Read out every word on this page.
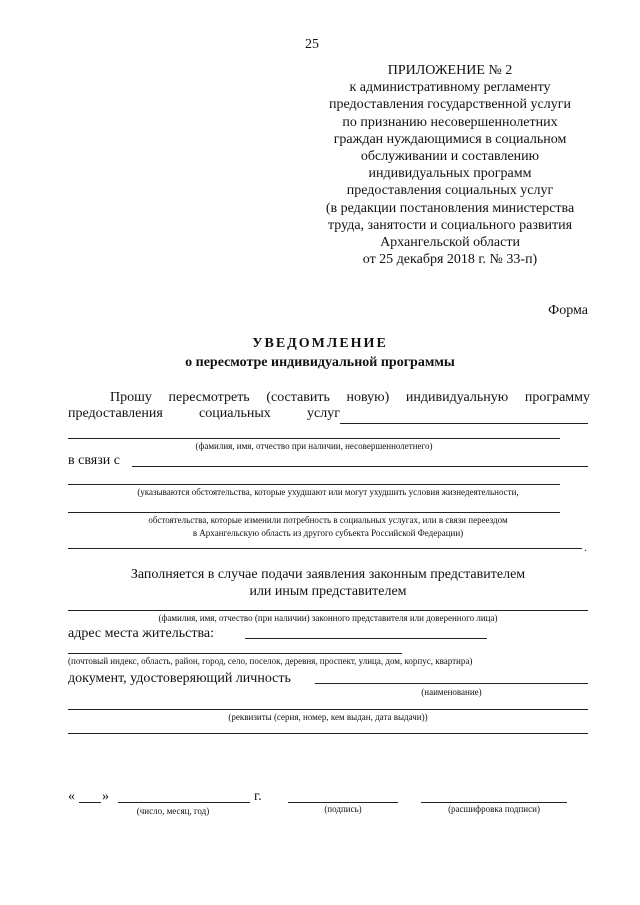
25
ПРИЛОЖЕНИЕ № 2
к административному регламенту
предоставления государственной услуги
по признанию несовершеннолетних
граждан нуждающимися в социальном
обслуживании и составлению
индивидуальных программ
предоставления социальных услуг
(в редакции постановления министерства
труда, занятости и социального развития
Архангельской области
от 25 декабря 2018 г. № 33-п)
Форма
УВЕДОМЛЕНИЕ
о пересмотре индивидуальной программы
Прошу пересмотреть (составить новую) индивидуальную программу
предоставления социальных услуг
(фамилия, имя, отчество при наличии, несовершеннолетнего)
в связи с
(указываются обстоятельства, которые ухудшают или могут ухудшить условия жизнедеятельности,
обстоятельства, которые изменили потребность в социальных услугах, или в связи переездом
в Архангельскую область из другого субъекта Российской Федерации)
.
Заполняется в случае подачи заявления законным представителем
или иным представителем
(фамилия, имя, отчество (при наличии) законного представителя или доверенного лица)
адрес места жительства:
(почтовый индекс, область, район, город, село, поселок, деревня, проспект, улица, дом, корпус, квартира)
документ, удостоверяющий личность
(наименование)
(реквизиты (серия, номер, кем выдан, дата выдачи))
« »	г.
(число, месяц, год)	(подпись)	(расшифровка подписи)
